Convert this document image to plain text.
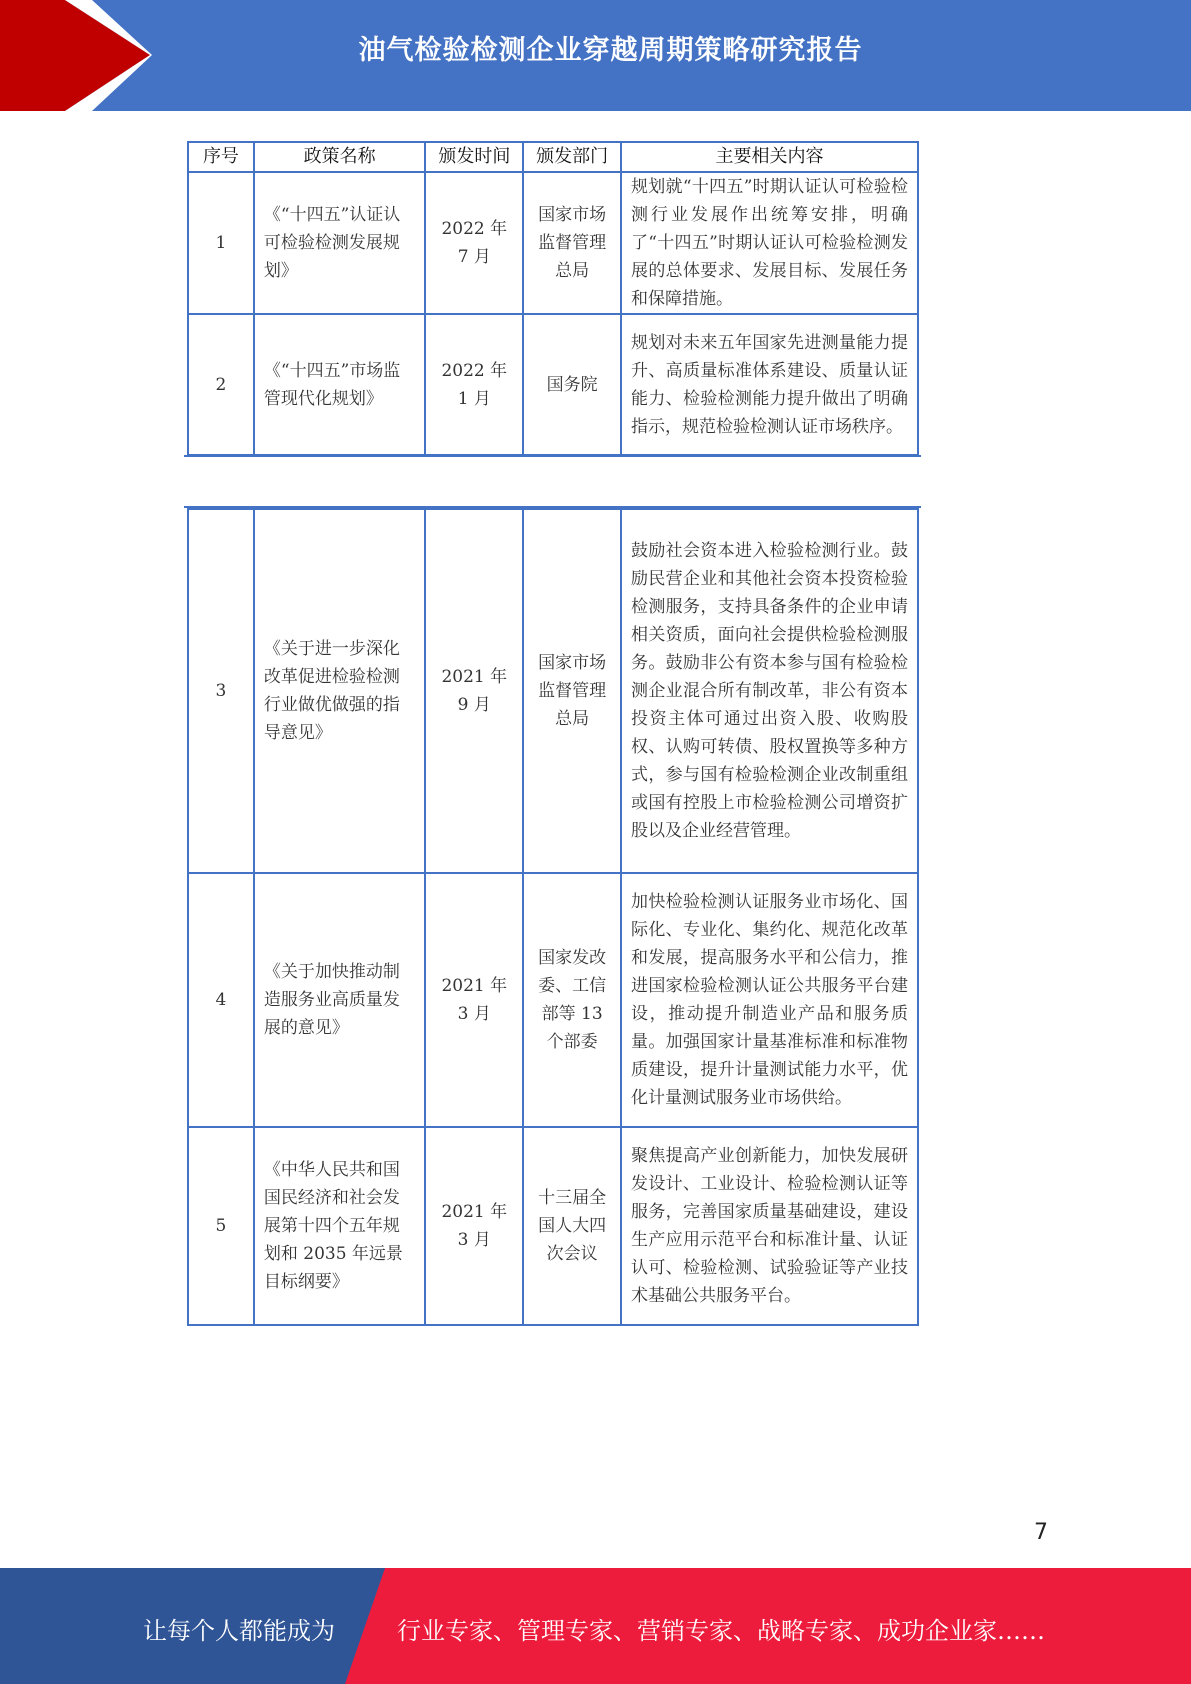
油气检验检测企业穿越周期策略研究报告
序号	政策名称	颁发时间	颁发部门	主要相关内容
1	《“十四五”认证认可检验检测发展规划》	2022 年 7 月	国家市场监督管理总局	规划就“十四五”时期认证认可检验检测行业发展作出统筹安排，明确了“十四五”时期认证认可检验检测发展的总体要求、发展目标、发展任务和保障措施。
2	《“十四五”市场监管现代化规划》	2022 年 1 月	国务院	规划对未来五年国家先进测量能力提升、高质量标准体系建设、质量认证能力、检验检测能力提升做出了明确指示，规范检验检测认证市场秩序。
3	《关于进一步深化改革促进检验检测行业做优做强的指导意见》	2021 年 9 月	国家市场监督管理总局	鼓励社会资本进入检验检测行业。鼓励民营企业和其他社会资本投资检验检测服务，支持具备条件的企业申请相关资质，面向社会提供检验检测服务。鼓励非公有资本参与国有检验检测企业混合所有制改革，非公有资本投资主体可通过出资入股、收购股权、认购可转债、股权置换等多种方式，参与国有检验检测企业改制重组或国有控股上市检验检测公司增资扩股以及企业经营管理。
4	《关于加快推动制造服务业高质量发展的意见》	2021 年 3 月	国家发改委、工信部等 13 个部委	加快检验检测认证服务业市场化、国际化、专业化、集约化、规范化改革和发展，提高服务水平和公信力，推进国家检验检测认证公共服务平台建设，推动提升制造业产品和服务质量。加强国家计量基准标准和标准物质建设，提升计量测试能力水平，优化计量测试服务业市场供给。
5	《中华人民共和国国民经济和社会发展第十四个五年规划和 2035 年远景目标纲要》	2021 年 3 月	十三届全国人大四次会议	聚焦提高产业创新能力，加快发展研发设计、工业设计、检验检测认证等服务，完善国家质量基础建设，建设生产应用示范平台和标准计量、认证认可、检验检测、试验验证等产业技术基础公共服务平台。
7
让每个人都能成为	行业专家、管理专家、营销专家、战略专家、成功企业家……
